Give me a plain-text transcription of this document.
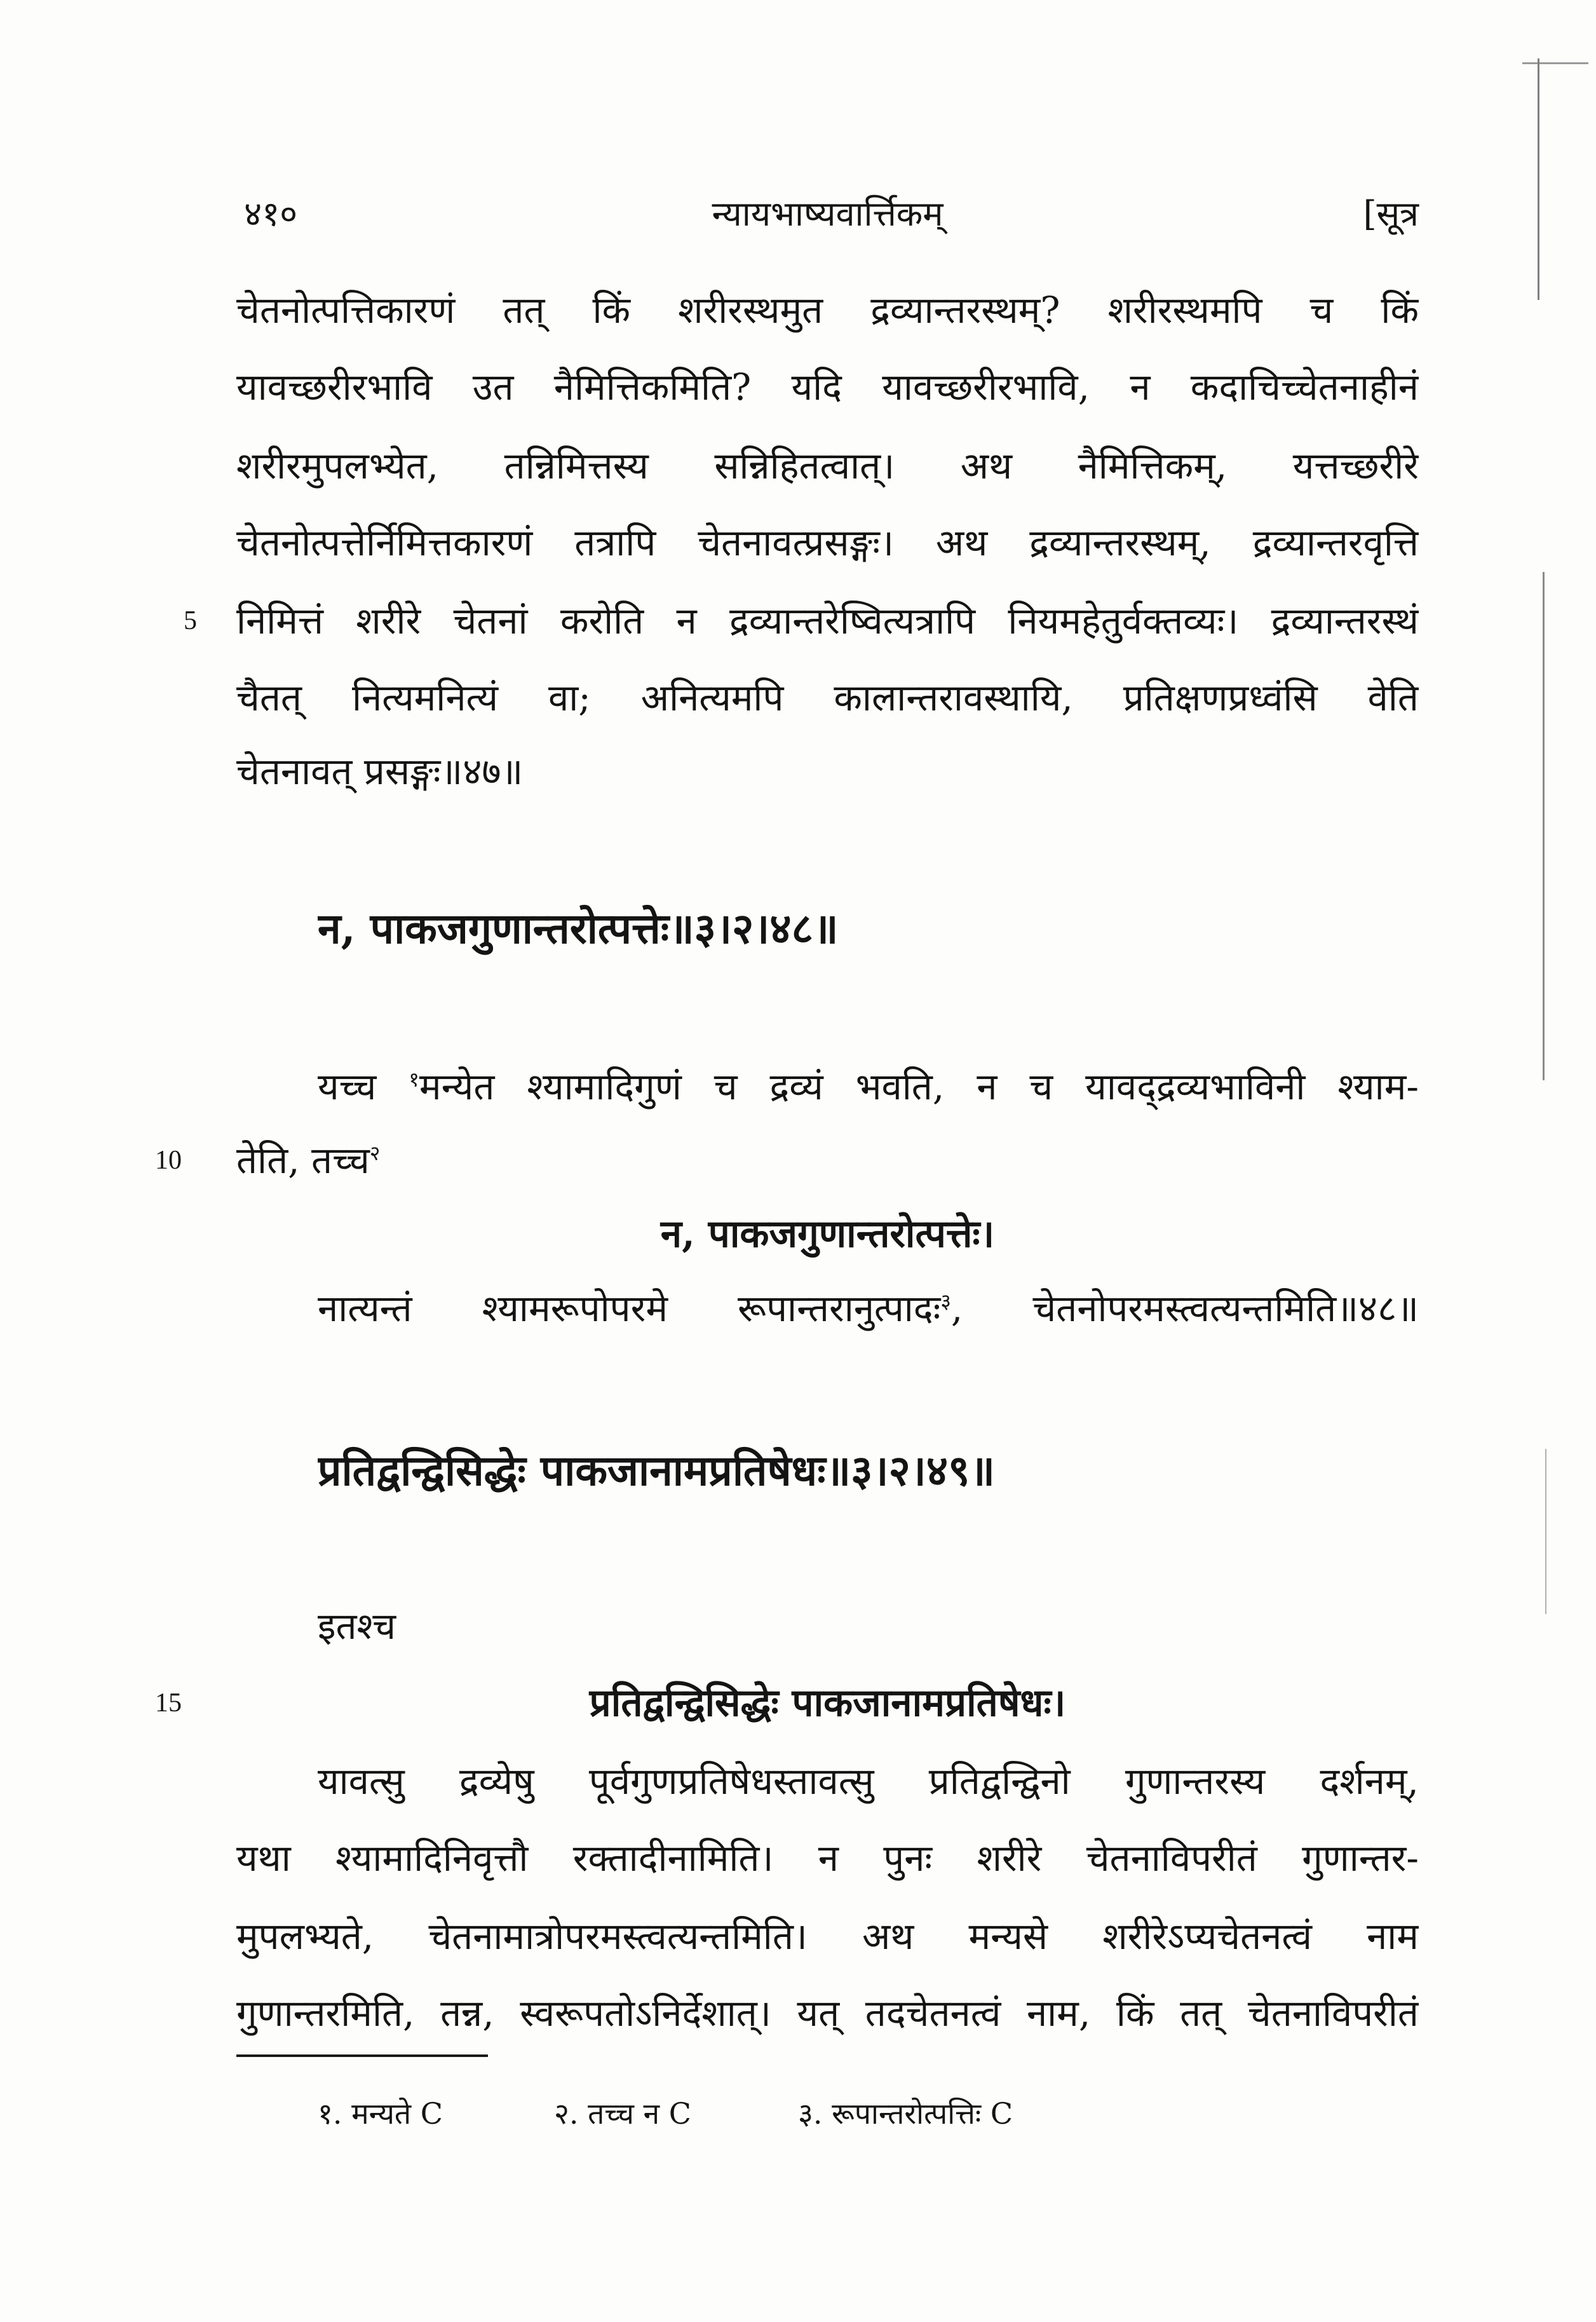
४१०	न्यायभाष्यवार्त्तिकम्	[सूत्र
चेतनोत्पत्तिकारणं तत् किं शरीरस्थमुत द्रव्यान्तरस्थम्? शरीरस्थमपि च किं
यावच्छरीरभावि उत नैमित्तिकमिति? यदि यावच्छरीरभावि, न कदाचिच्चेतनाहीनं
शरीरमुपलभ्येत, तन्निमित्तस्य सन्निहितत्वात्। अथ नैमित्तिकम्, यत्तच्छरीरे
चेतनोत्पत्तेर्निमित्तकारणं तत्रापि चेतनावत्प्रसङ्गः। अथ द्रव्यान्तरस्थम्, द्रव्यान्तरवृत्ति
5 निमित्तं शरीरे चेतनां करोति न द्रव्यान्तरेष्वित्यत्रापि नियमहेतुर्वक्तव्यः। द्रव्यान्तरस्थं
चैतत् नित्यमनित्यं वा; अनित्यमपि कालान्तरावस्थायि, प्रतिक्षणप्रध्वंसि वेति
चेतनावत् प्रसङ्गः॥४७॥
न, पाकजगुणान्तरोत्पत्तेः॥३।२।४८॥
यच्च $^१$मन्येत श्यामादिगुणं च द्रव्यं भवति, न च यावद्द्रव्यभाविनी श्याम-
10 तेति, तच्च$^२$
न, पाकजगुणान्तरोत्पत्तेः।
नात्यन्तं श्यामरूपोपरमे रूपान्तरानुत्पादः$^३$, चेतनोपरमस्त्वत्यन्तमिति॥४८॥
प्रतिद्वन्द्विसिद्धेः पाकजानामप्रतिषेधः॥३।२।४९॥
इतश्च
15	प्रतिद्वन्द्विसिद्धेः पाकजानामप्रतिषेधः।
यावत्सु द्रव्येषु पूर्वगुणप्रतिषेधस्तावत्सु प्रतिद्वन्द्विनो गुणान्तरस्य दर्शनम्,
यथा श्यामादिनिवृत्तौ रक्तादीनामिति। न पुनः शरीरे चेतनाविपरीतं गुणान्तर-
मुपलभ्यते, चेतनामात्रोपरमस्त्वत्यन्तमिति। अथ मन्यसे शरीरेऽप्यचेतनत्वं नाम
गुणान्तरमिति, तन्न, स्वरूपतोऽनिर्देशात्। यत् तदचेतनत्वं नाम, किं तत् चेतनाविपरीतं
१. मन्यते C	२. तच्च न C	३. रूपान्तरोत्पत्तिः C
